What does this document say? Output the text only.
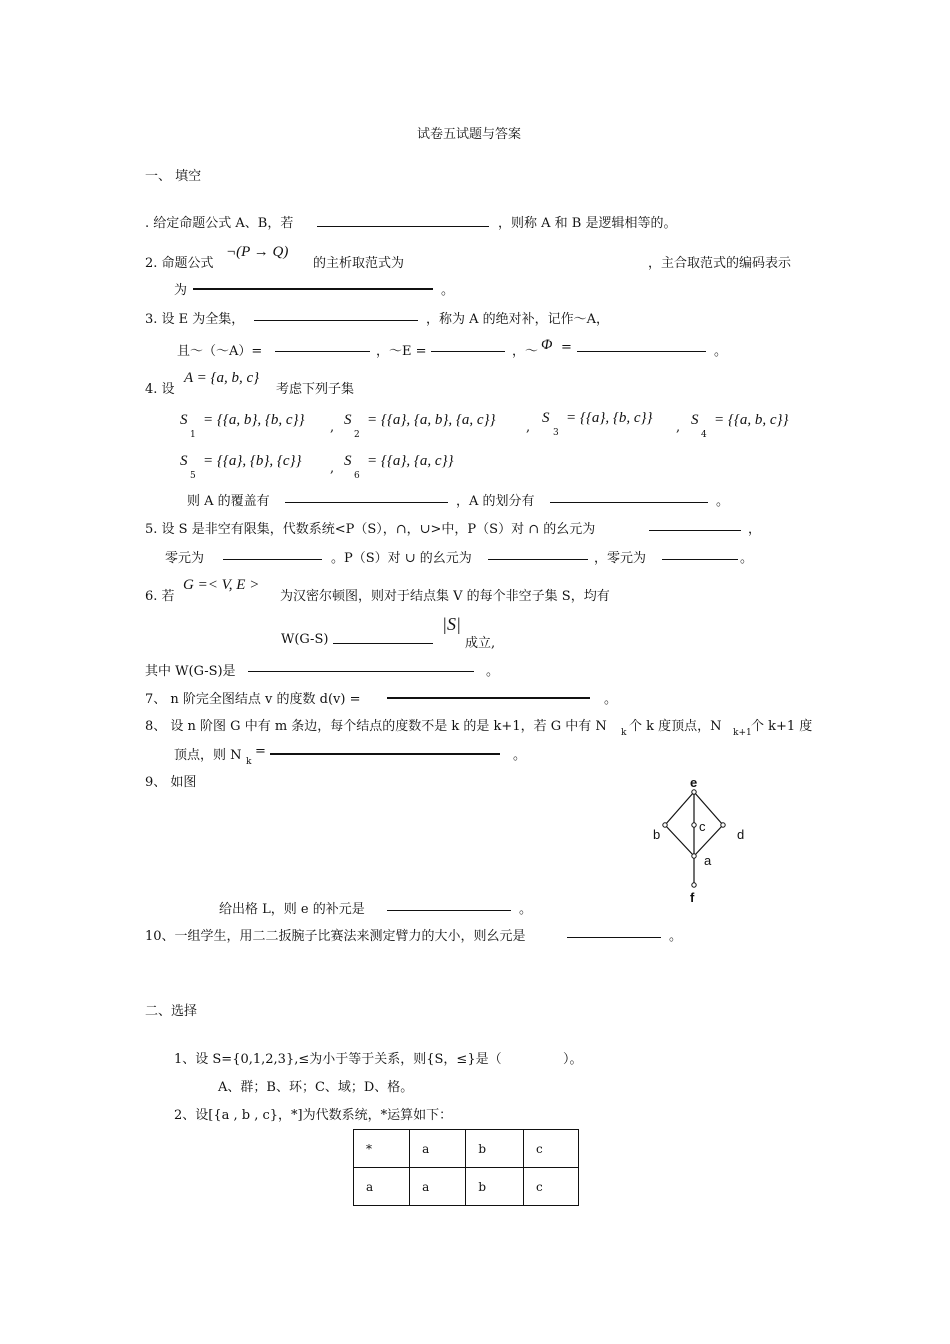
试卷五试题与答案
一、 填空
. 给定命题公式 A、B，若	，则称 A 和 B 是逻辑相等的。
2. 命题公式
¬(P → Q)
的主析取范式为	，主合取范式的编码表示
为	。
3. 设 E 为全集，	，称为 A 的绝对补，记作～A，
且～（～A）=	，～E =	，～ Φ =	。
4. 设
A = {a, b, c}
考虑下列子集
S
1
= {{a, b}, {b, c}} , S
2
= {{a}, {a, b}, {a, c}} ,
S
3
= {{a}, {b, c}}
, S
4
= {{a, b, c}}
S
5
= {{a}, {b}, {c}} , S
6
= {{a}, {a, c}}
则 A 的覆盖有	，A 的划分有	。
5. 设 S 是非空有限集，代数系统<P（S），∩，∪>中，P（S）对 ∩ 的幺元为	，
零元为	。P（S）对 ∪ 的幺元为	，零元为	。
6. 若
G =< V, E >
为汉密尔顿图，则对于结点集 V 的每个非空子集 S，均有
W(G-S)
|S|
成立,
其中 W(G-S)是	。
7、 n 阶完全图结点 v 的度数 d(v) =	。
8、 设 n 阶图 G 中有 m 条边，每个结点的度数不是 k 的是 k+1，若 G 中有 N k 个 k 度顶点，N k+1 个 k+1 度
顶点，则 N k
=	。
9、 如图	e
b
c
d
a
f
给出格 L，则 e 的补元是	。
10、一组学生，用二二扳腕子比赛法来测定臂力的大小，则幺元是	。
二、选择
1、设 S={0,1,2,3},≤为小于等于关系，则{S，≤}是（	）。
A、群；B、环；C、域；D、格。
2、设[{a , b , c}，*]为代数系统，*运算如下：
*	a	b	c
a	a	b	c
